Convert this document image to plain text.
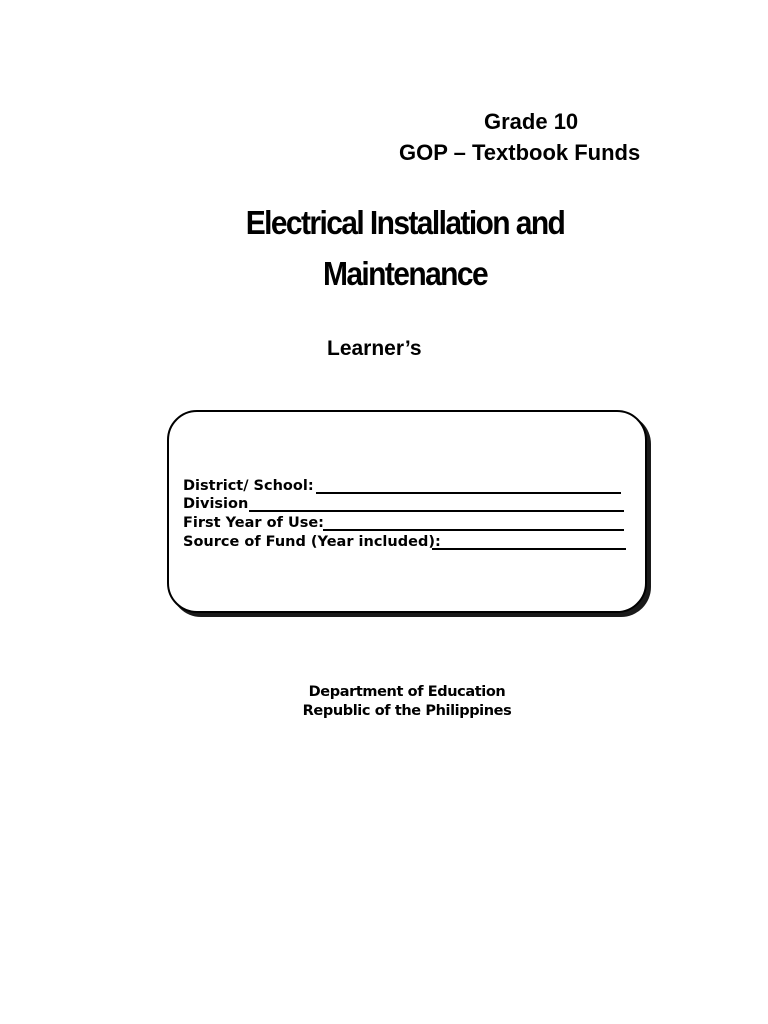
Grade 10
GOP – Textbook Funds
Electrical Installation and
Maintenance
Learner’s
District/ School:
Division
First Year of Use:
Source of Fund (Year included):
Department of Education
Republic of the Philippines
